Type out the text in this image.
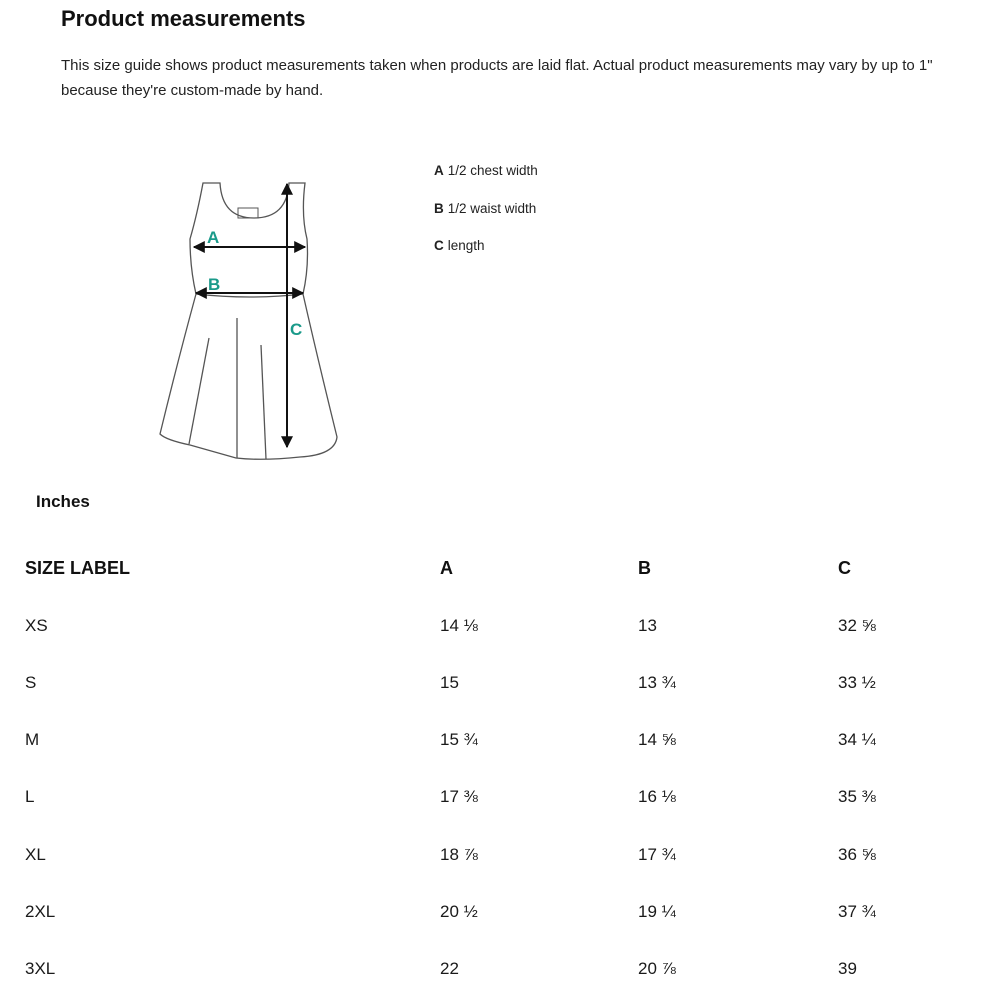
Product measurements

This size guide shows product measurements taken when products are laid flat. Actual product measurements may vary by up to 1" because they're custom-made by hand.

A
B
C
A 1/2 chest width
B 1/2 waist width
C length
Inches
SIZE LABEL	A	B	C
XS	14 ⅛	13	32 ⅝
S	15	13 ¾	33 ½
M	15 ¾	14 ⅝	34 ¼
L	17 ⅜	16 ⅛	35 ⅜
XL	18 ⅞	17 ¾	36 ⅝
2XL	20 ½	19 ¼	37 ¾
3XL	22	20 ⅞	39
